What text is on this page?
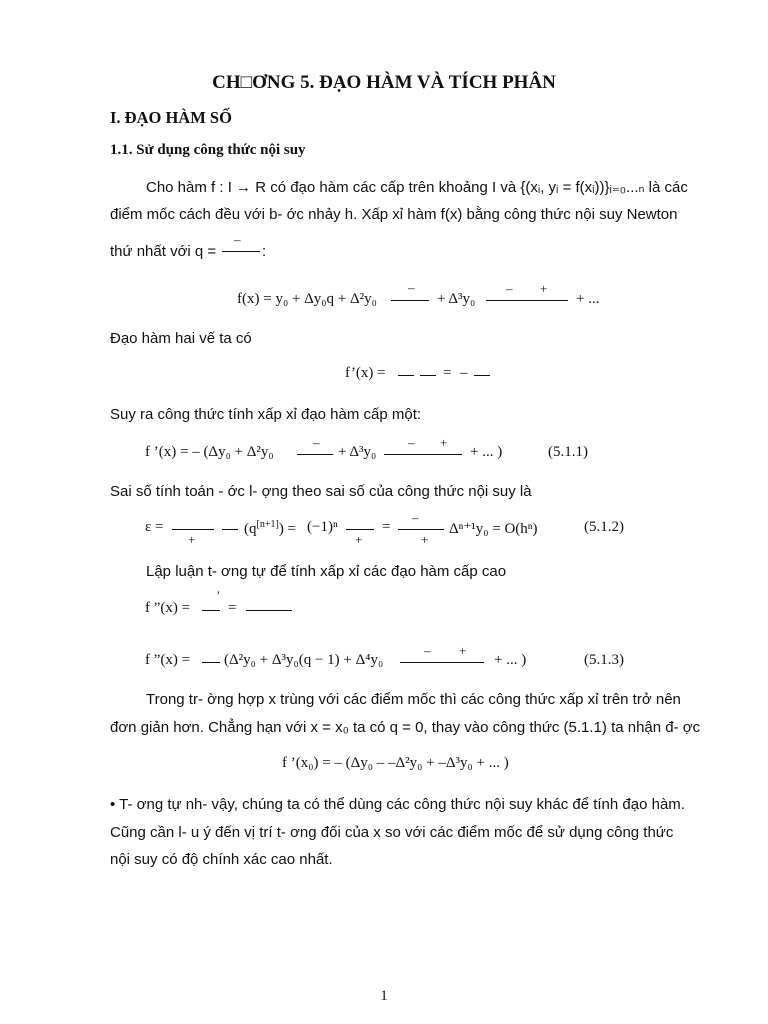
CH□ƠNG 5. ĐẠO HÀM VÀ TÍCH PHÂN
I. ĐẠO HÀM SỐ
1.1. Sử dụng công thức nội suy
Cho hàm f : I → R có đạo hàm các cấp trên khoảng I và {(xᵢ, yᵢ = f(xᵢ))}ᵢ₌₀...ₙ là các
điểm mốc cách đều với b- ớc nhảy h. Xấp xỉ hàm f(x) bằng công thức nội suy Newton
thứ nhất với q =
–
:
f(x) = y₀ + Δy₀q + Δ²y₀
–
+ Δ³y₀
– +
+ ...
Đạo hàm hai vế ta có
f’(x) =	= –
Suy ra công thức tính xấp xỉ đạo hàm cấp một:
f ’(x) = – (Δy₀ + Δ²y₀
–
+ Δ³y₀
– +
+ ... )	(5.1.1)
Sai số tính toán - ớc l- ợng theo sai số của công thức nội suy là
ε =
+
(q[n+1]) = (−1)ⁿ
+
=
–
+
Δⁿ⁺¹y₀ = O(hⁿ)	(5.1.2)
Lập luận t- ơng tự để tính xấp xỉ các đạo hàm cấp cao
f ”(x) =
′
=
f ”(x) = (Δ²y₀ + Δ³y₀(q − 1) + Δ⁴y₀
– +
+ ... )	(5.1.3)
Trong tr- ờng hợp x trùng với các điểm mốc thì các công thức xấp xỉ trên trở nên
đơn giản hơn. Chẳng hạn với x = x₀ ta có q = 0, thay vào công thức (5.1.1) ta nhận đ- ợc
f ’(x₀) = – (Δy₀ – –Δ²y₀ + –Δ³y₀ + ... )
• T- ơng tự nh- vậy, chúng ta có thể dùng các công thức nội suy khác để tính đạo hàm.
Cũng cần l- u ý đến vị trí t- ơng đối của x so với các điểm mốc để sử dụng công thức
nội suy có độ chính xác cao nhất.
1
